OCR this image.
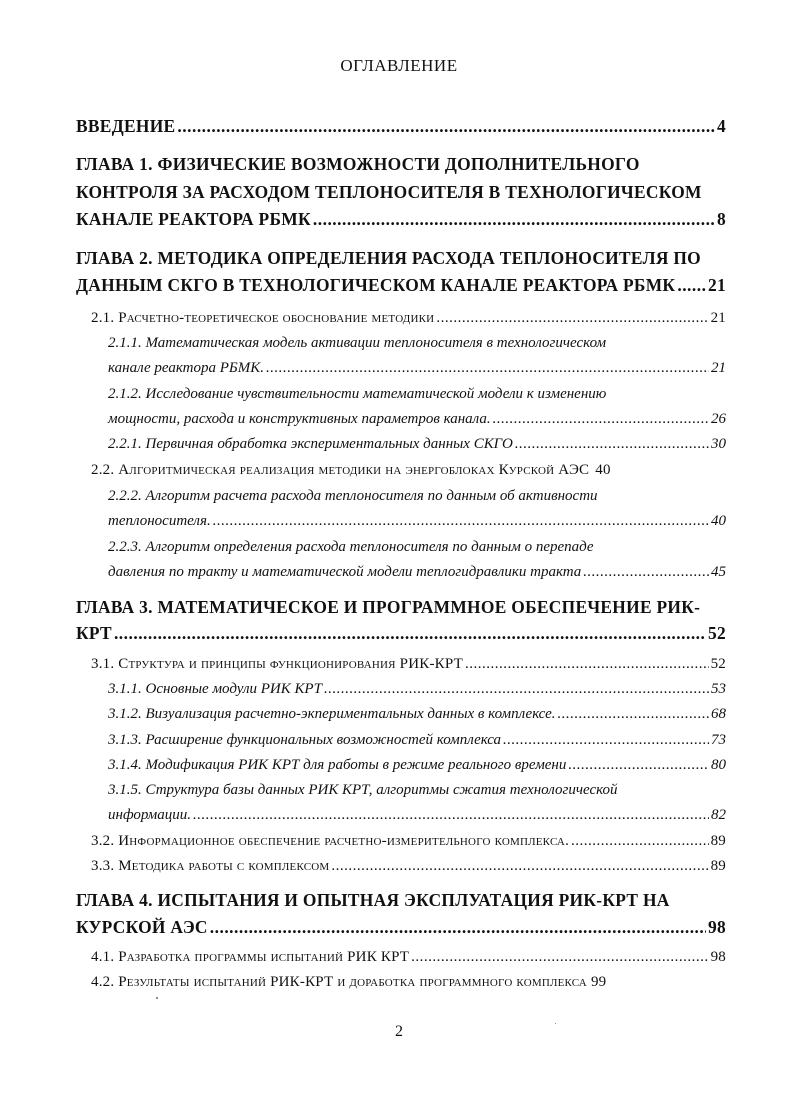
ОГЛАВЛЕНИЕ
ВВЕДЕНИЕ .....	4
ГЛАВА 1. ФИЗИЧЕСКИЕ ВОЗМОЖНОСТИ ДОПОЛНИТЕЛЬНОГО
КОНТРОЛЯ ЗА РАСХОДОМ ТЕПЛОНОСИТЕЛЯ В ТЕХНОЛОГИЧЕСКОМ
КАНАЛЕ РЕАКТОРА РБМК .....	8
ГЛАВА 2. МЕТОДИКА ОПРЕДЕЛЕНИЯ РАСХОДА ТЕПЛОНОСИТЕЛЯ ПО
ДАННЫМ СКГО В ТЕХНОЛОГИЧЕСКОМ КАНАЛЕ РЕАКТОРА РБМК ..... 21
2.1. Расчетно-теоретическое обоснование методики .....	21
2.1.1. Математическая модель активации теплоносителя в технологическом
канале реактора РБМК. .....	21
2.1.2. Исследование чувствительности математической модели к изменению
мощности, расхода и конструктивных параметров канала. .....	26
2.2.1. Первичная обработка экспериментальных данных СКГО .....	30
2.2. Алгоритмическая реализация методики на энергоблоках Курской АЭС 40
2.2.2. Алгоритм расчета расхода теплоносителя по данным об активности
теплоносителя. .....	40
2.2.3. Алгоритм определения расхода теплоносителя по данным о перепаде
давления по тракту и математической модели теплогидравлики тракта .....	45
ГЛАВА 3. МАТЕМАТИЧЕСКОЕ И ПРОГРАММНОЕ ОБЕСПЕЧЕНИЕ РИК-
КРТ .....	52
3.1. Структура и принципы функционирования РИК-КРТ .....	52
3.1.1. Основные модули РИК КРТ .....	53
3.1.2. Визуализация расчетно-экпериментальных данных в комплексе. .....	68
3.1.3. Расширение функциональных возможностей комплекса .....	73
3.1.4. Модификация РИК КРТ для работы в режиме реального времени .....	80
3.1.5. Структура базы данных РИК КРТ, алгоритмы сжатия технологической
информации. .....	82
3.2. Информационное обеспечение расчетно-измерительного комплекса. .....	89
3.3. Методика работы с комплексом .....	89
ГЛАВА 4. ИСПЫТАНИЯ И ОПЫТНАЯ ЭКСПЛУАТАЦИЯ РИК-КРТ НА
КУРСКОЙ АЭС .....	98
4.1. Разработка программы испытаний РИК КРТ .....	98
4.2. Результаты испытаний РИК-КРТ и доработка программного комплекса 99
2
